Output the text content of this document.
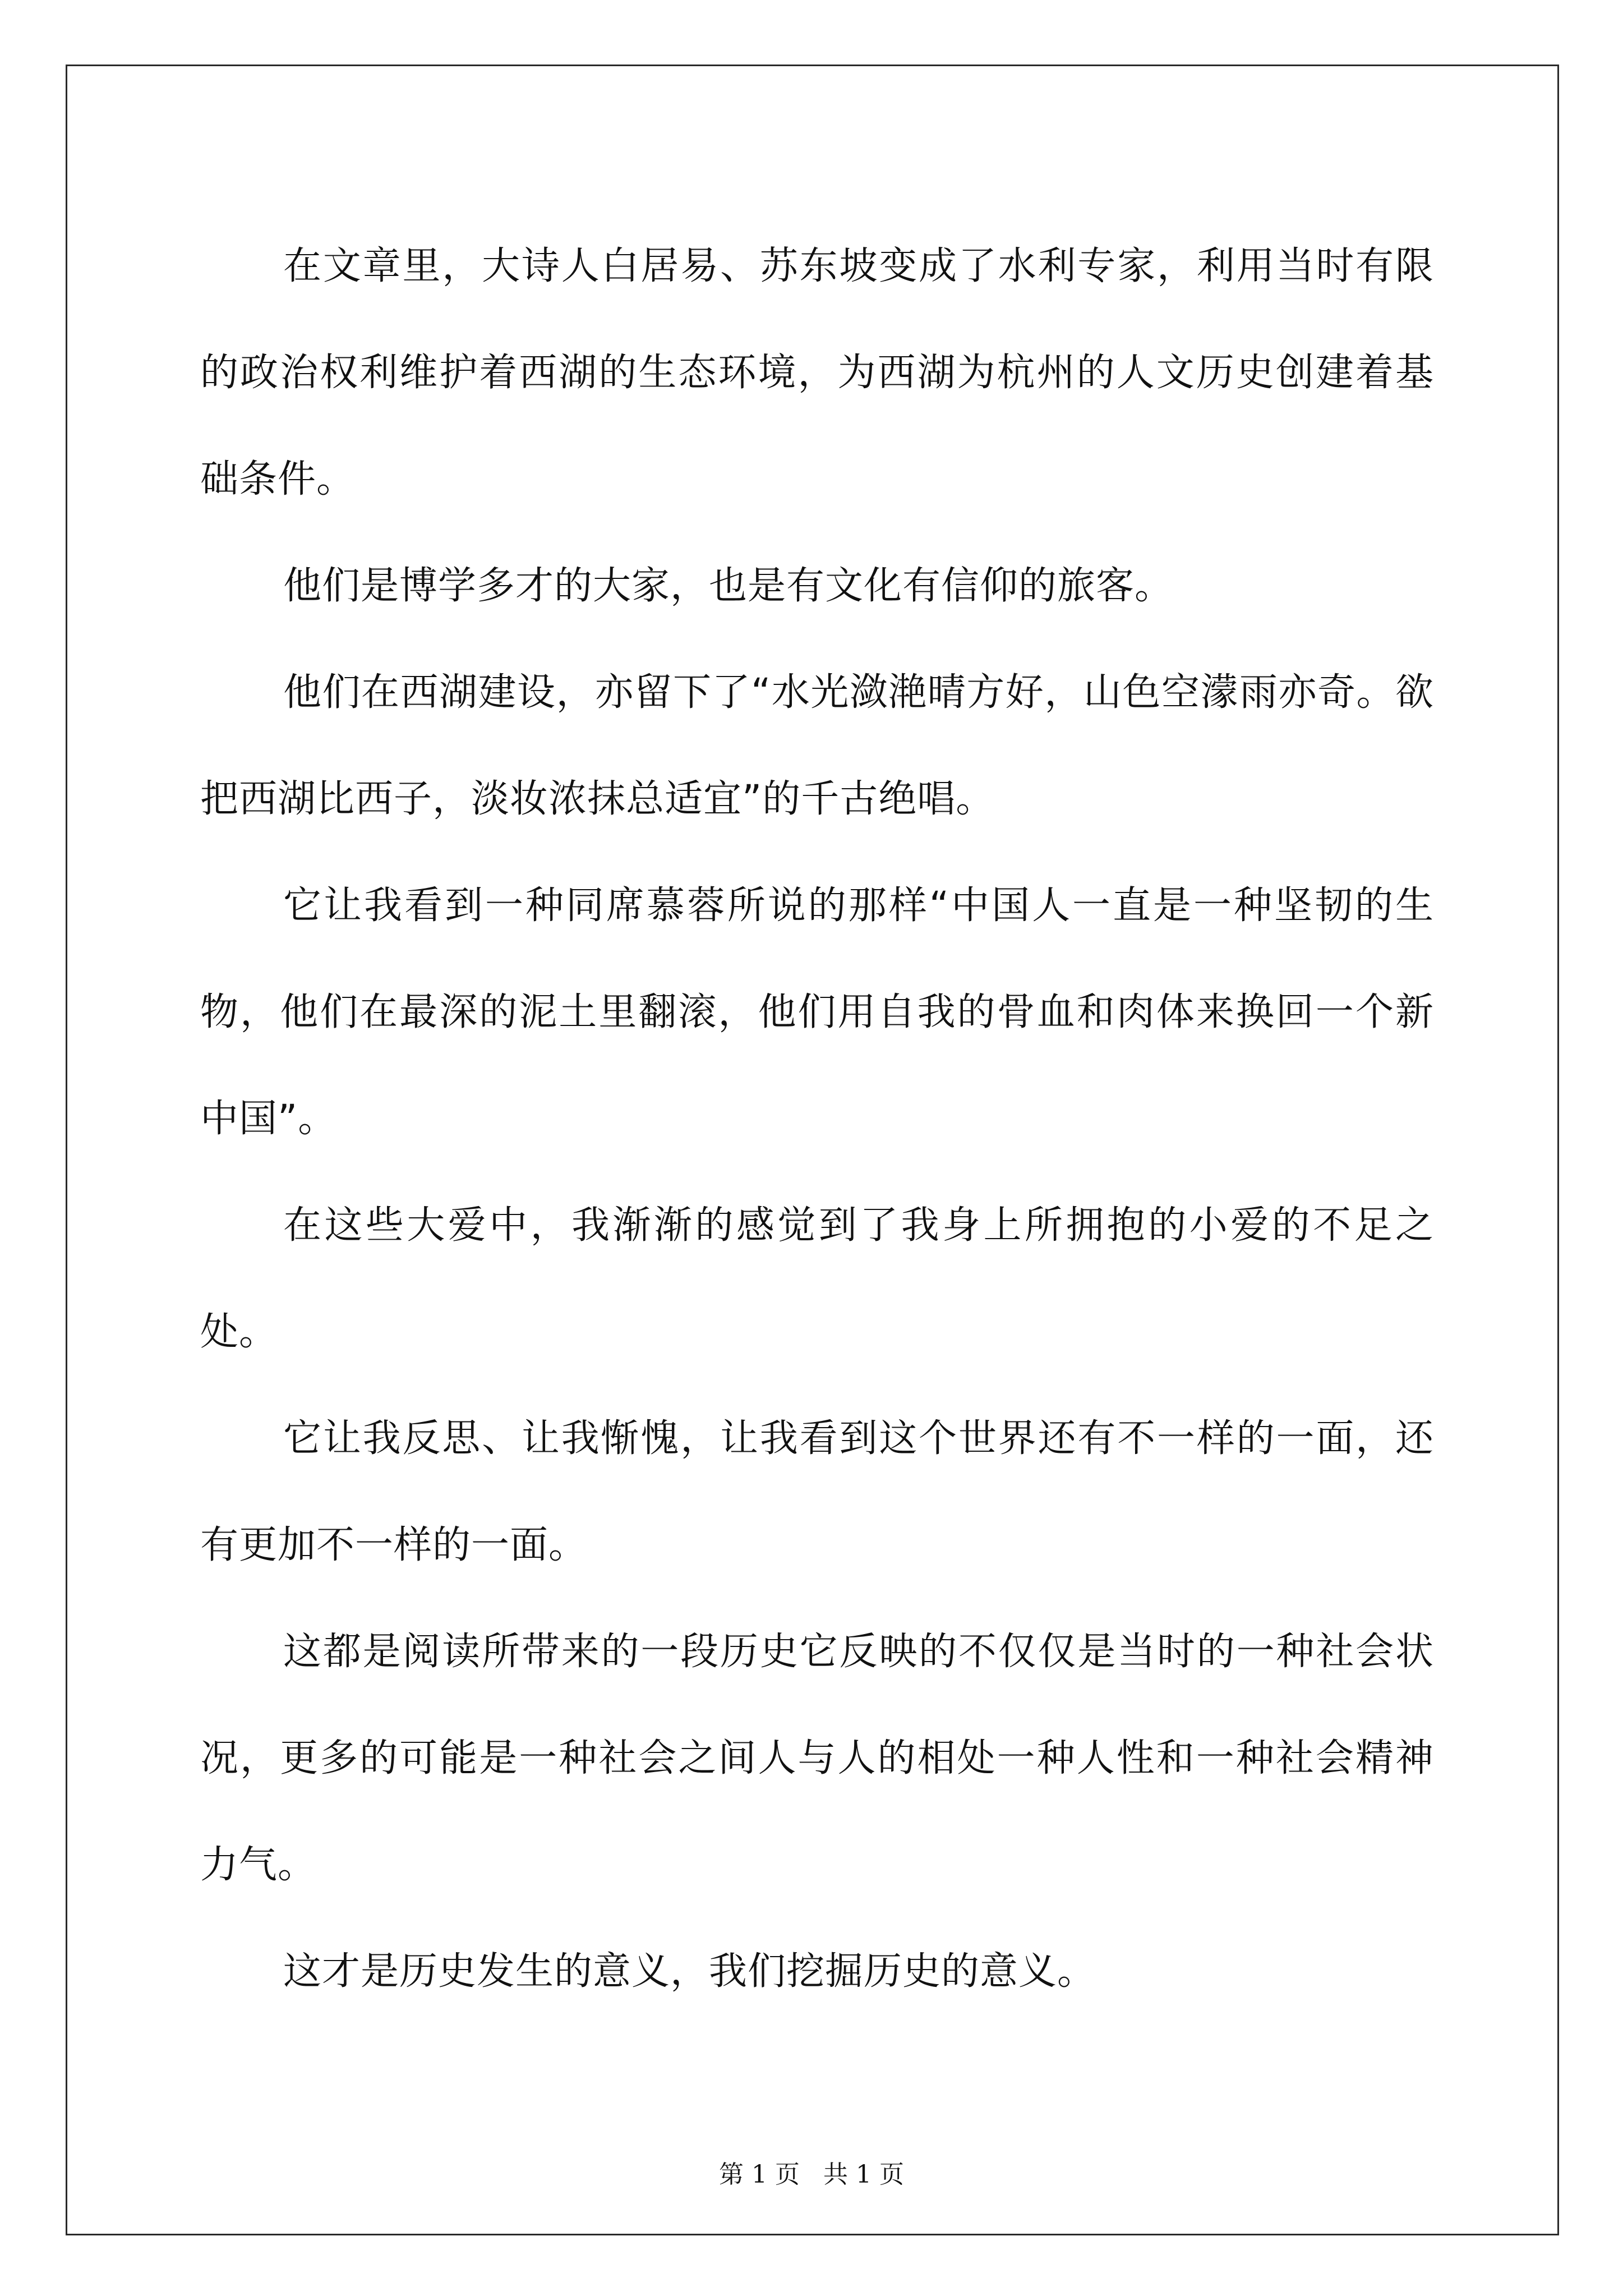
在文章里，大诗人白居易、苏东坡变成了水利专家，利用当时有限的政治权利维护着西湖的生态环境，为西湖为杭州的人文历史创建着基础条件。

他们是博学多才的大家，也是有文化有信仰的旅客。

他们在西湖建设，亦留下了“水光潋滟晴方好，山色空濛雨亦奇。欲把西湖比西子，淡妆浓抹总适宜”的千古绝唱。

它让我看到一种同席慕蓉所说的那样“中国人一直是一种坚韧的生物，他们在最深的泥土里翻滚，他们用自我的骨血和肉体来换回一个新中国”。

在这些大爱中，我渐渐的感觉到了我身上所拥抱的小爱的不足之处。

它让我反思、让我惭愧，让我看到这个世界还有不一样的一面，还有更加不一样的一面。

这都是阅读所带来的一段历史它反映的不仅仅是当时的一种社会状况，更多的可能是一种社会之间人与人的相处一种人性和一种社会精神力气。

这才是历史发生的意义，我们挖掘历史的意义。

第 1 页 共 1 页
